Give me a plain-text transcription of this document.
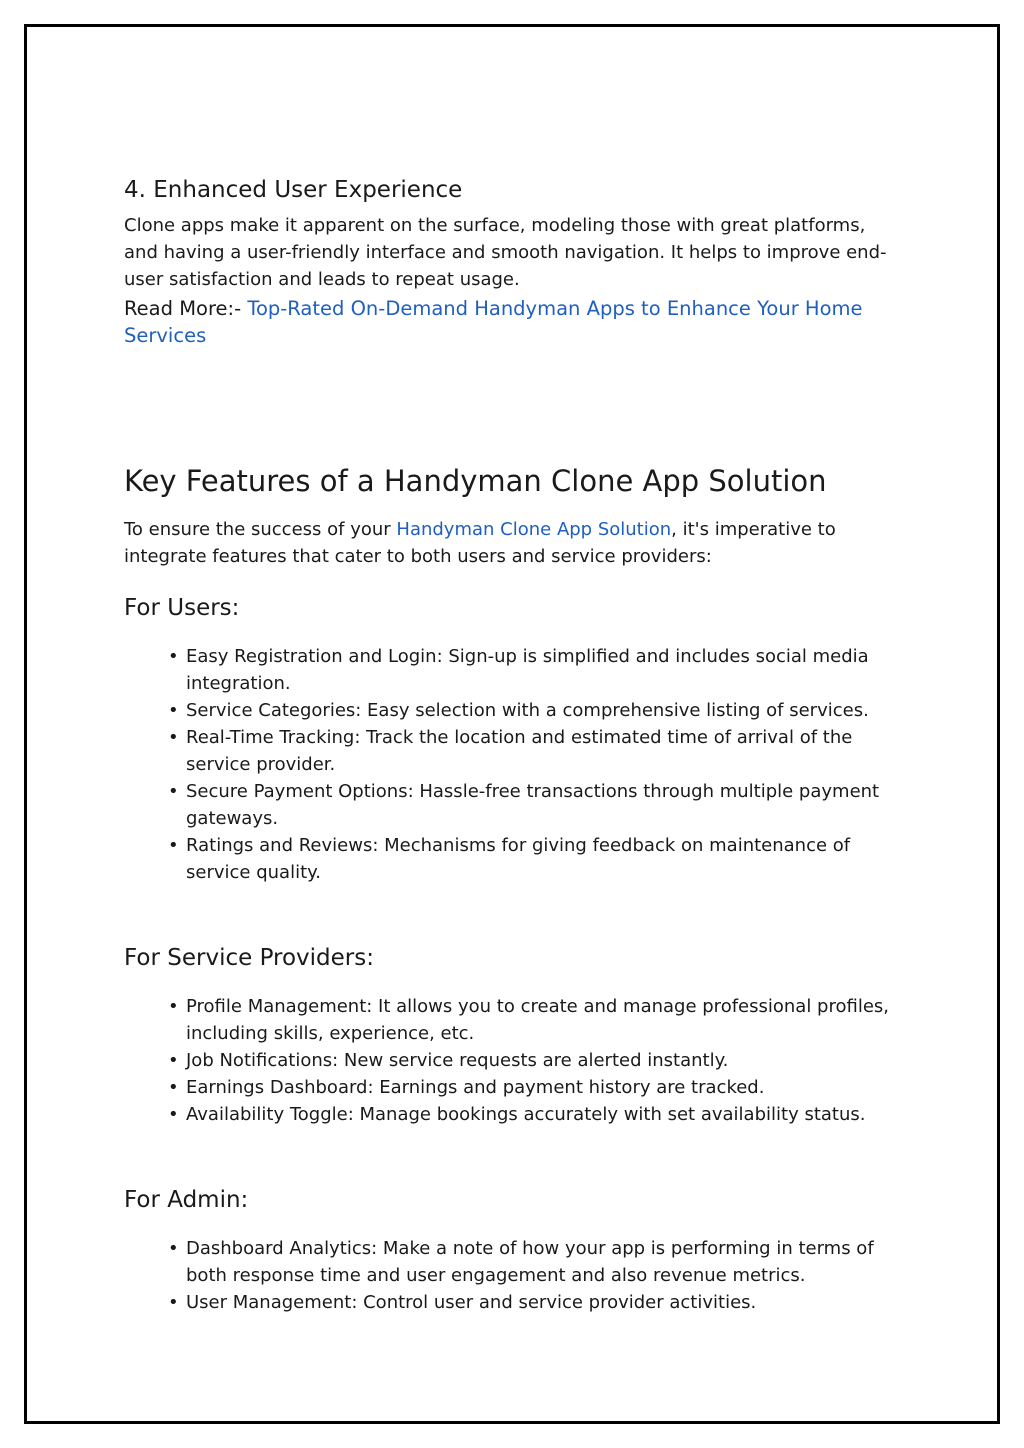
4. Enhanced User Experience

Clone apps make it apparent on the surface, modeling those with great platforms, and having a user-friendly interface and smooth navigation. It helps to improve end-user satisfaction and leads to repeat usage.

Read More:- Top-Rated On-Demand Handyman Apps to Enhance Your Home Services

Key Features of a Handyman Clone App Solution

To ensure the success of your Handyman Clone App Solution, it's imperative to integrate features that cater to both users and service providers:

For Users:
• Easy Registration and Login: Sign-up is simplified and includes social media integration.
• Service Categories: Easy selection with a comprehensive listing of services.
• Real-Time Tracking: Track the location and estimated time of arrival of the service provider.
• Secure Payment Options: Hassle-free transactions through multiple payment gateways.
• Ratings and Reviews: Mechanisms for giving feedback on maintenance of service quality.
For Service Providers:
• Profile Management: It allows you to create and manage professional profiles, including skills, experience, etc.
• Job Notifications: New service requests are alerted instantly.
• Earnings Dashboard: Earnings and payment history are tracked.
• Availability Toggle: Manage bookings accurately with set availability status.
For Admin:
• Dashboard Analytics: Make a note of how your app is performing in terms of both response time and user engagement and also revenue metrics.
• User Management: Control user and service provider activities.
